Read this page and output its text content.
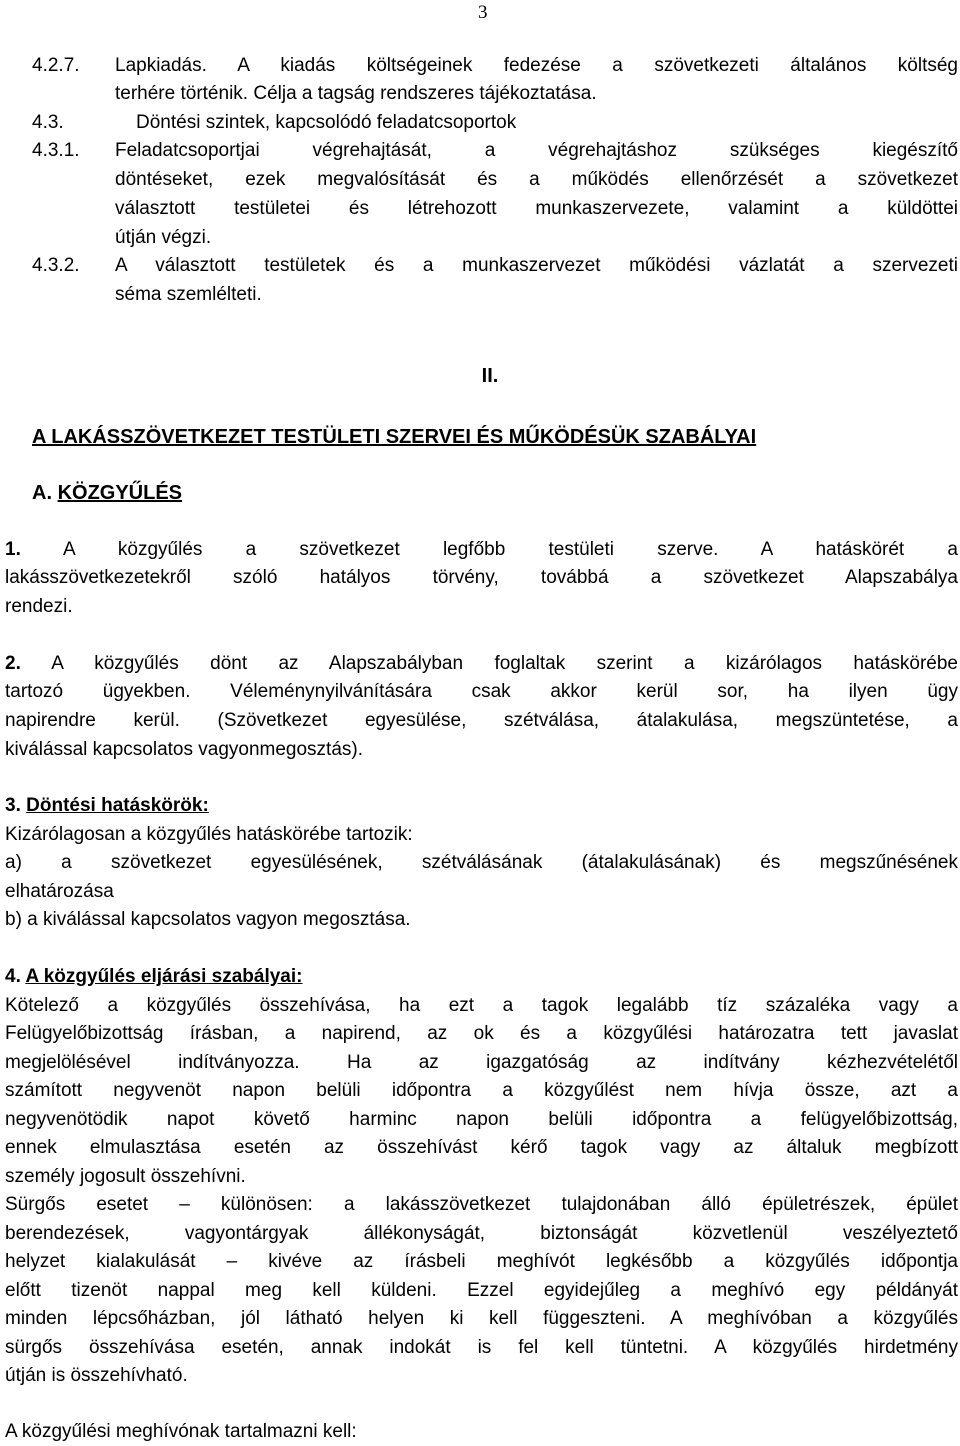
3
4.2.7. Lapkiadás. A kiadás költségeinek fedezése a szövetkezeti általános költség
terhére történik. Célja a tagság rendszeres tájékoztatása.
4.3.	Döntési szintek, kapcsolódó feladatcsoportok
4.3.1. Feladatcsoportjai végrehajtását, a végrehajtáshoz szükséges kiegészítő
döntéseket, ezek megvalósítását és a működés ellenőrzését a szövetkezet
választott testületei és létrehozott munkaszervezete, valamint a küldöttei
útján végzi.
4.3.2. A választott testületek és a munkaszervezet működési vázlatát a szervezeti
séma szemlélteti.
II.
A LAKÁSSZÖVETKEZET TESTÜLETI SZERVEI ÉS MŰKÖDÉSÜK SZABÁLYAI
A. KÖZGYŰLÉS
1. A közgyűlés a szövetkezet legfőbb testületi szerve. A hatáskörét a
lakásszövetkezetekről szóló hatályos törvény, továbbá a szövetkezet Alapszabálya
rendezi.
2. A közgyűlés dönt az Alapszabályban foglaltak szerint a kizárólagos hatáskörébe
tartozó ügyekben. Véleménynyilvánítására csak akkor kerül sor, ha ilyen ügy
napirendre kerül. (Szövetkezet egyesülése, szétválása, átalakulása, megszüntetése, a
kiválással kapcsolatos vagyonmegosztás).
3. Döntési hatáskörök:
Kizárólagosan a közgyűlés hatáskörébe tartozik:
a) a szövetkezet egyesülésének, szétválásának (átalakulásának) és megszűnésének
elhatározása
b) a kiválással kapcsolatos vagyon megosztása.
4. A közgyűlés eljárási szabályai:
Kötelező a közgyűlés összehívása, ha ezt a tagok legalább tíz százaléka vagy a
Felügyelőbizottság írásban, a napirend, az ok és a közgyűlési határozatra tett javaslat
megjelölésével indítványozza. Ha az igazgatóság az indítvány kézhezvételétől
számított negyvenöt napon belüli időpontra a közgyűlést nem hívja össze, azt a
negyvenötödik napot követő harminc napon belüli időpontra a felügyelőbizottság,
ennek elmulasztása esetén az összehívást kérő tagok vagy az általuk megbízott
személy jogosult összehívni.
Sürgős esetet – különösen: a lakásszövetkezet tulajdonában álló épületrészek, épület
berendezések, vagyontárgyak állékonyságát, biztonságát közvetlenül veszélyeztető
helyzet kialakulását – kivéve az írásbeli meghívót legkésőbb a közgyűlés időpontja
előtt tizenöt nappal meg kell küldeni. Ezzel egyidejűleg a meghívó egy példányát
minden lépcsőházban, jól látható helyen ki kell függeszteni. A meghívóban a közgyűlés
sürgős összehívása esetén, annak indokát is fel kell tüntetni. A közgyűlés hirdetmény
útján is összehívható.
A közgyűlési meghívónak tartalmazni kell:
